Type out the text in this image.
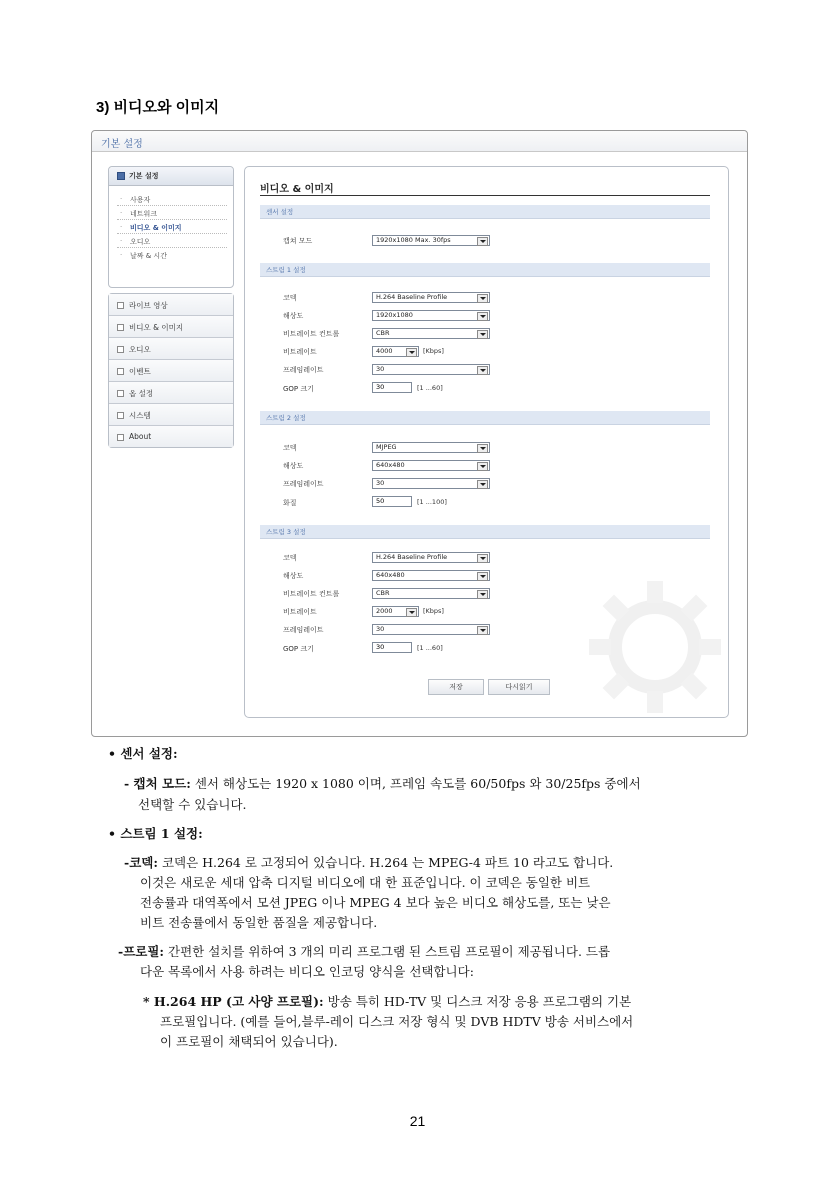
3) 비디오와 이미지
기본 설정
기본 설정
· 사용자
· 네트워크
· 비디오 & 이미지
· 오디오
· 날짜 & 시간
라이브 영상
비디오 & 이미지
오디오
이벤트
옵 설정
시스템
About
비디오 & 이미지
센서 설정
캡쳐 모드	1920x1080 Max. 30fps
스트림 1 설정
코덱	H.264 Baseline Profile
해상도	1920x1080
비트레이트 컨트롤	CBR
비트레이트	4000	[Kbps]
프레임레이트	30
GOP 크기	30	[1 ...60]
스트림 2 설정
코덱	MJPEG
해상도	640x480
프레임레이트	30
화질	50	[1 ...100]
스트림 3 설정
코덱	H.264 Baseline Profile
해상도	640x480
비트레이트 컨트롤	CBR
비트레이트	2000	[Kbps]
프레임레이트	30
GOP 크기	30	[1 ...60]
저장	다시읽기
• 센서 설정:
- 캡처 모드: 센서 해상도는 1920 x 1080 이며, 프레임 속도를 60/50fps 와 30/25fps 중에서
선택할 수 있습니다.
• 스트림 1 설정:
-코덱: 코덱은 H.264 로 고정되어 있습니다. H.264 는 MPEG-4 파트 10 라고도 합니다.
이것은 새로운 세대 압축 디지털 비디오에 대 한 표준입니다. 이 코덱은 동일한 비트
전송률과 대역폭에서 모션 JPEG 이나 MPEG 4 보다 높은 비디오 해상도를, 또는 낮은
비트 전송률에서 동일한 품질을 제공합니다.
-프로필: 간편한 설치를 위하여 3 개의 미리 프로그램 된 스트림 프로필이 제공됩니다. 드롭
다운 목록에서 사용 하려는 비디오 인코딩 양식을 선택합니다:
* H.264 HP (고 사양 프로필): 방송 특히 HD-TV 및 디스크 저장 응용 프로그램의 기본
프로필입니다. (예를 들어,블루-레이 디스크 저장 형식 및 DVB HDTV 방송 서비스에서
이 프로필이 채택되어 있습니다).
21
